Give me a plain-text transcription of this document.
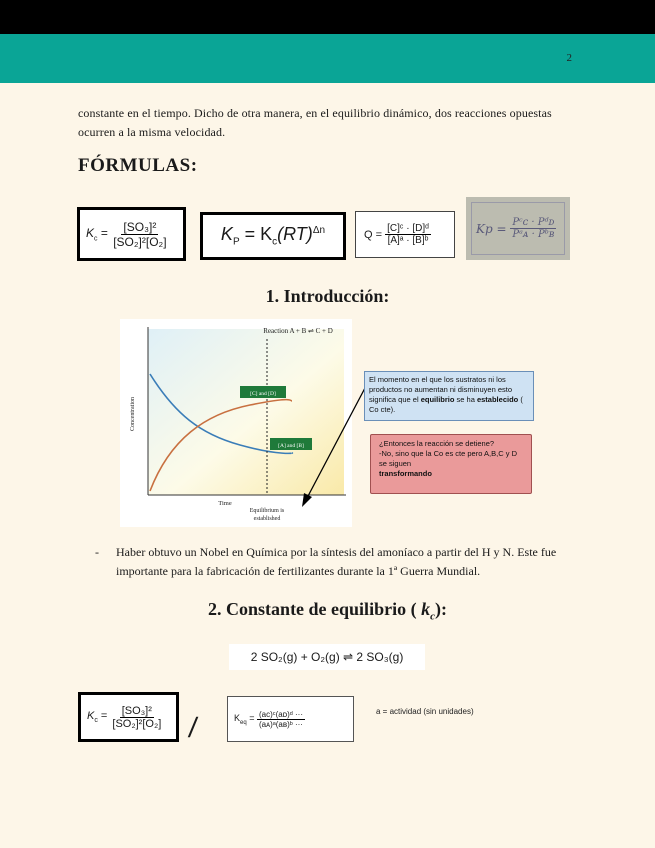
2
constante en el tiempo. Dicho de otra manera, en el equilibrio dinámico, dos reacciones opuestas ocurren a la misma velocidad.
FÓRMULAS:
$K_c = \frac{\text{[SO₃]²}}{\text{[SO₂]²[O₂]}}$	$K_P = K_c(RT)^{\Delta n}$	Q =
$\frac{\text{[C]ᶜ · [D]ᵈ}}{\text{[A]ᵃ · [B]ᵇ}}$	Kp =
$\frac{\text{Pᶜᴄ · Pᵈᴅ}}{\text{Pᵃᴀ · Pᵇʙ}}$
1. Introducción:
[C] and [D]
[A] and [B]
Reaction A + B ⇌ C + D
Concentration
Time
Equilibrium is
established
El momento en el que los sustratos ni los productos no aumentan ni disminuyen esto significa que el equilibrio se ha establecido ( Co cte).
¿Entonces la reacción se detiene?
-No, sino que la Co es cte pero A,B,C y D se siguen
transformando
- Haber obtuvo un Nobel en Química por la síntesis del amoníaco a partir del H y N. Este fue importante para la fabricación de fertilizantes durante la 1ª Guerra Mundial.
2. Constante de equilibrio ( $k_c$):
2 SO₂(g) + O₂(g) ⇌ 2 SO₃(g)
$K_c = \frac{\text{[SO₃]²}}{\text{[SO₂]²[O₂]}}$ /	$K_{eq} = \frac{\text{(aᴄ)ᶜ(aᴅ)ᵈ ···}}{\text{(aᴀ)ᵃ(aʙ)ᵇ ···}}$	a = actividad (sin unidades)
